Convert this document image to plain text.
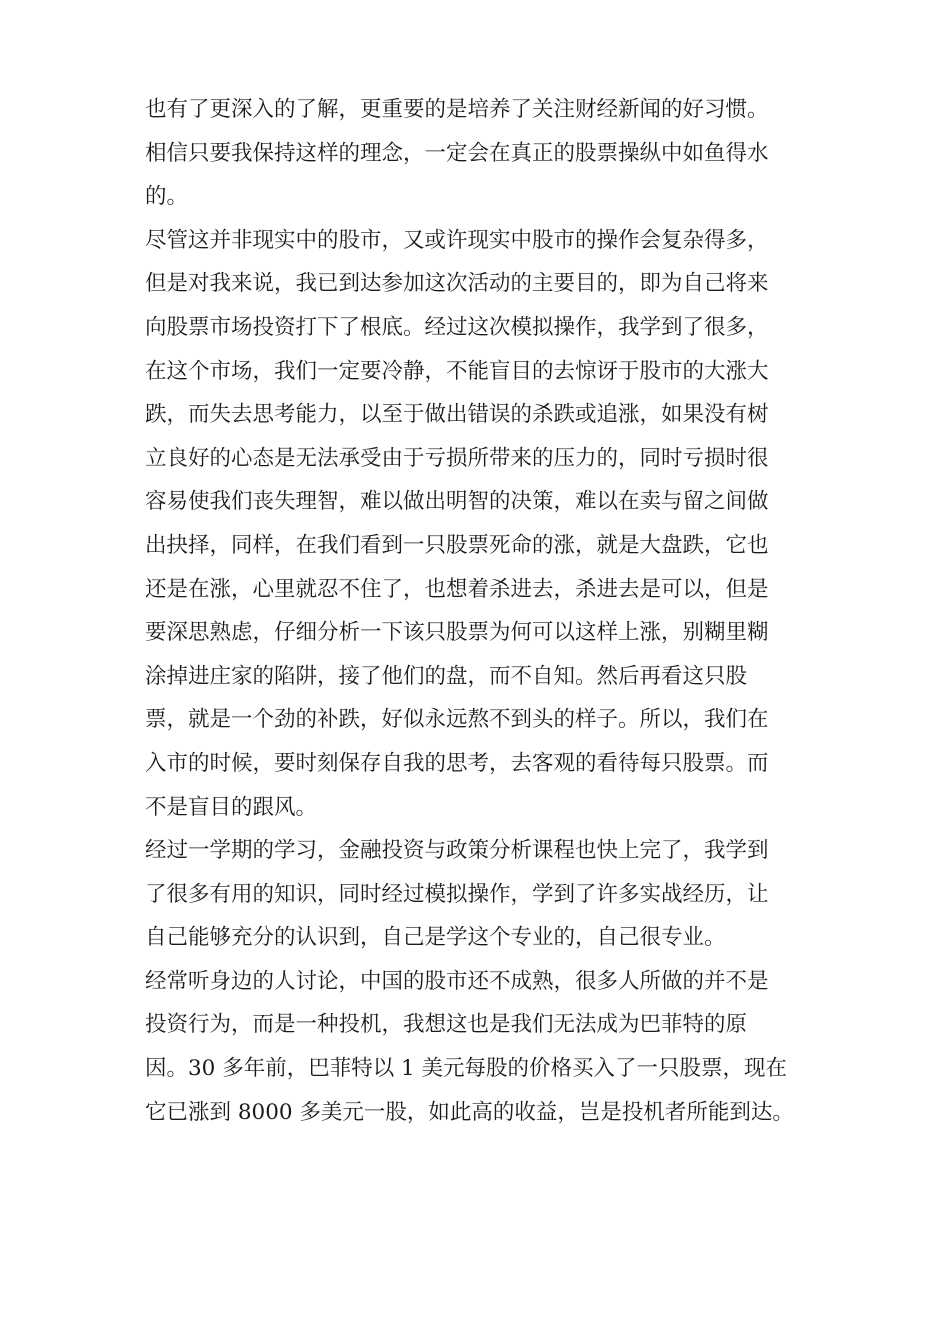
也有了更深入的了解，更重要的是培养了关注财经新闻的好习惯。
相信只要我保持这样的理念，一定会在真正的股票操纵中如鱼得水
的。
尽管这并非现实中的股市，又或许现实中股市的操作会复杂得多，
但是对我来说，我已到达参加这次活动的主要目的，即为自己将来
向股票市场投资打下了根底。经过这次模拟操作，我学到了很多，
在这个市场，我们一定要冷静，不能盲目的去惊讶于股市的大涨大
跌，而失去思考能力，以至于做出错误的杀跌或追涨，如果没有树
立良好的心态是无法承受由于亏损所带来的压力的，同时亏损时很
容易使我们丧失理智，难以做出明智的决策，难以在卖与留之间做
出抉择，同样，在我们看到一只股票死命的涨，就是大盘跌，它也
还是在涨，心里就忍不住了，也想着杀进去，杀进去是可以，但是
要深思熟虑，仔细分析一下该只股票为何可以这样上涨，别糊里糊
涂掉进庄家的陷阱，接了他们的盘，而不自知。然后再看这只股
票，就是一个劲的补跌，好似永远熬不到头的样子。所以，我们在
入市的时候，要时刻保存自我的思考，去客观的看待每只股票。而
不是盲目的跟风。
经过一学期的学习，金融投资与政策分析课程也快上完了，我学到
了很多有用的知识，同时经过模拟操作，学到了许多实战经历，让
自己能够充分的认识到，自己是学这个专业的，自己很专业。
经常听身边的人讨论，中国的股市还不成熟，很多人所做的并不是
投资行为，而是一种投机，我想这也是我们无法成为巴菲特的原
因。30 多年前，巴菲特以 1 美元每股的价格买入了一只股票，现在
它已涨到 8000 多美元一股，如此高的收益，岂是投机者所能到达。
